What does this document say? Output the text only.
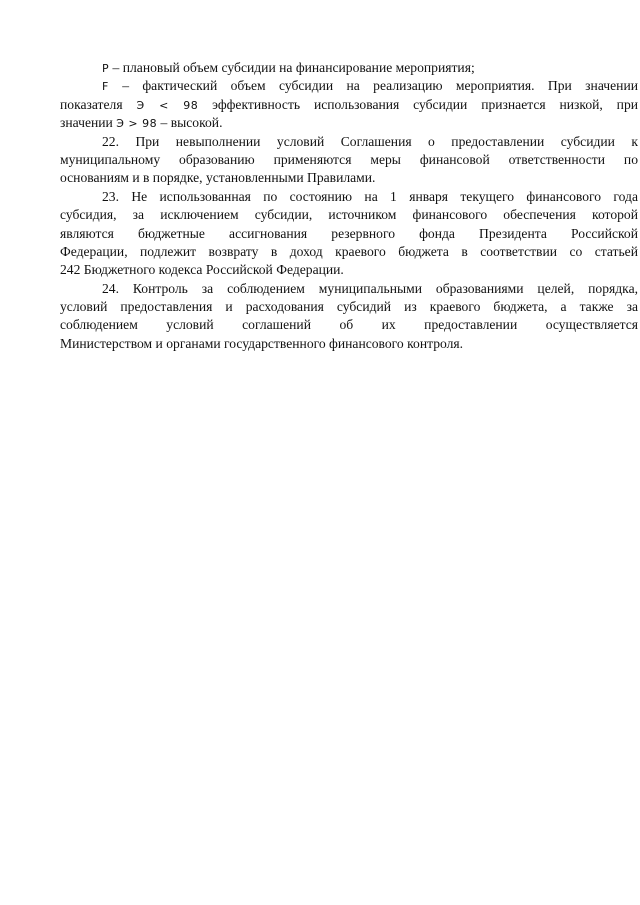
P – плановый объем субсидии на финансирование мероприятия;
F – фактический объем субсидии на реализацию мероприятия. При значении
показателя Э < 98 эффективность использования субсидии признается низкой, при
значении Э > 98 – высокой.
22. При невыполнении условий Соглашения о предоставлении субсидии к
муниципальному образованию применяются меры финансовой ответственности по
основаниям и в порядке, установленными Правилами.
23. Не использованная по состоянию на 1 января текущего финансового года
субсидия, за исключением субсидии, источником финансового обеспечения которой
являются бюджетные ассигнования резервного фонда Президента Российской
Федерации, подлежит возврату в доход краевого бюджета в соответствии со статьей
242 Бюджетного кодекса Российской Федерации.
24. Контроль за соблюдением муниципальными образованиями целей, порядка,
условий предоставления и расходования субсидий из краевого бюджета, а также за
соблюдением условий соглашений об их предоставлении осуществляется
Министерством и органами государственного финансового контроля.
